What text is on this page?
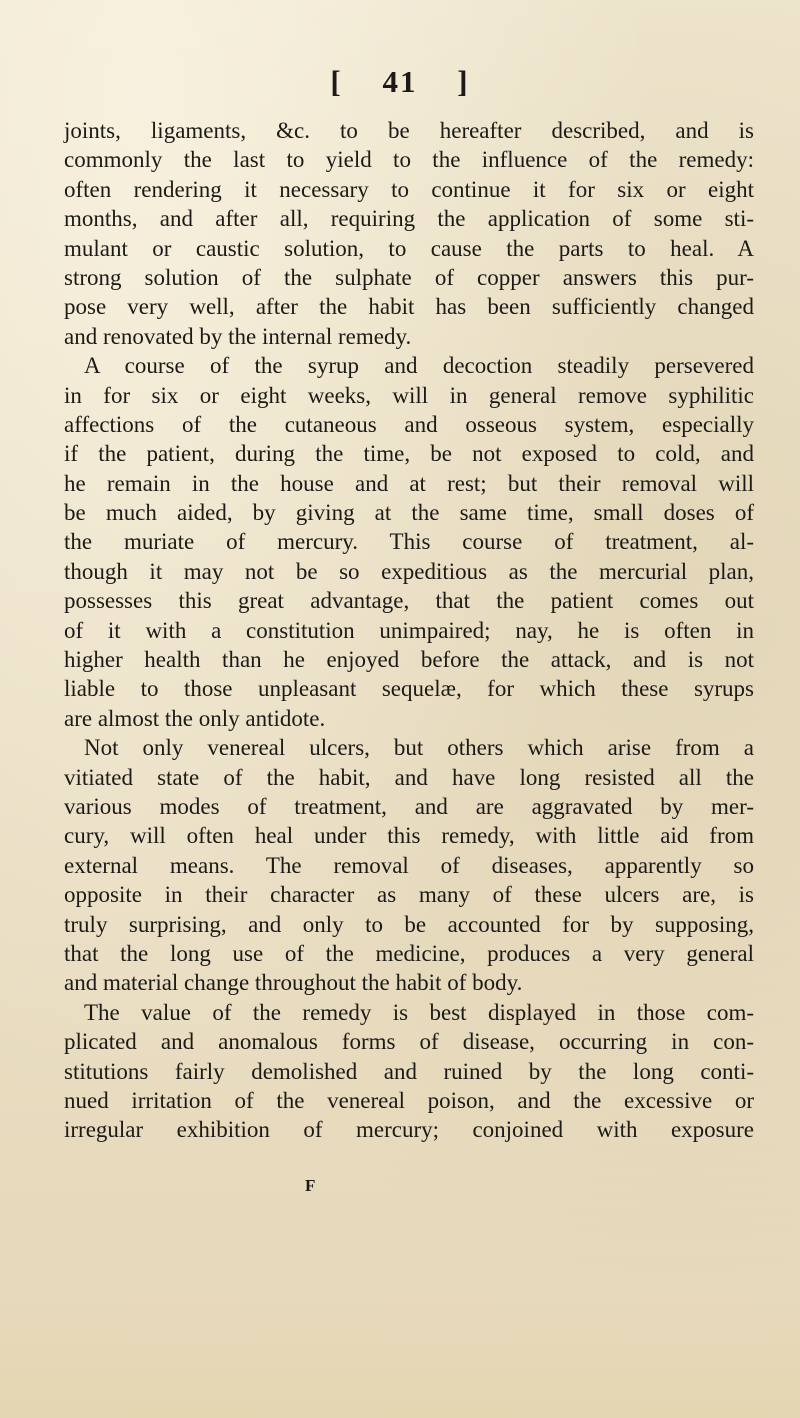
[ 41 ]
joints, ligaments, &c. to be hereafter described, and is
commonly the last to yield to the influence of the remedy:
often rendering it necessary to continue it for six or eight
months, and after all, requiring the application of some sti-
mulant or caustic solution, to cause the parts to heal. A
strong solution of the sulphate of copper answers this pur-
pose very well, after the habit has been sufficiently changed
and renovated by the internal remedy.
A course of the syrup and decoction steadily persevered
in for six or eight weeks, will in general remove syphilitic
affections of the cutaneous and osseous system, especially
if the patient, during the time, be not exposed to cold, and
he remain in the house and at rest; but their removal will
be much aided, by giving at the same time, small doses of
the muriate of mercury. This course of treatment, al-
though it may not be so expeditious as the mercurial plan,
possesses this great advantage, that the patient comes out
of it with a constitution unimpaired; nay, he is often in
higher health than he enjoyed before the attack, and is not
liable to those unpleasant sequelæ, for which these syrups
are almost the only antidote.
Not only venereal ulcers, but others which arise from a
vitiated state of the habit, and have long resisted all the
various modes of treatment, and are aggravated by mer-
cury, will often heal under this remedy, with little aid from
external means. The removal of diseases, apparently so
opposite in their character as many of these ulcers are, is
truly surprising, and only to be accounted for by supposing,
that the long use of the medicine, produces a very general
and material change throughout the habit of body.
The value of the remedy is best displayed in those com-
plicated and anomalous forms of disease, occurring in con-
stitutions fairly demolished and ruined by the long conti-
nued irritation of the venereal poison, and the excessive or
irregular exhibition of mercury; conjoined with exposure
F
